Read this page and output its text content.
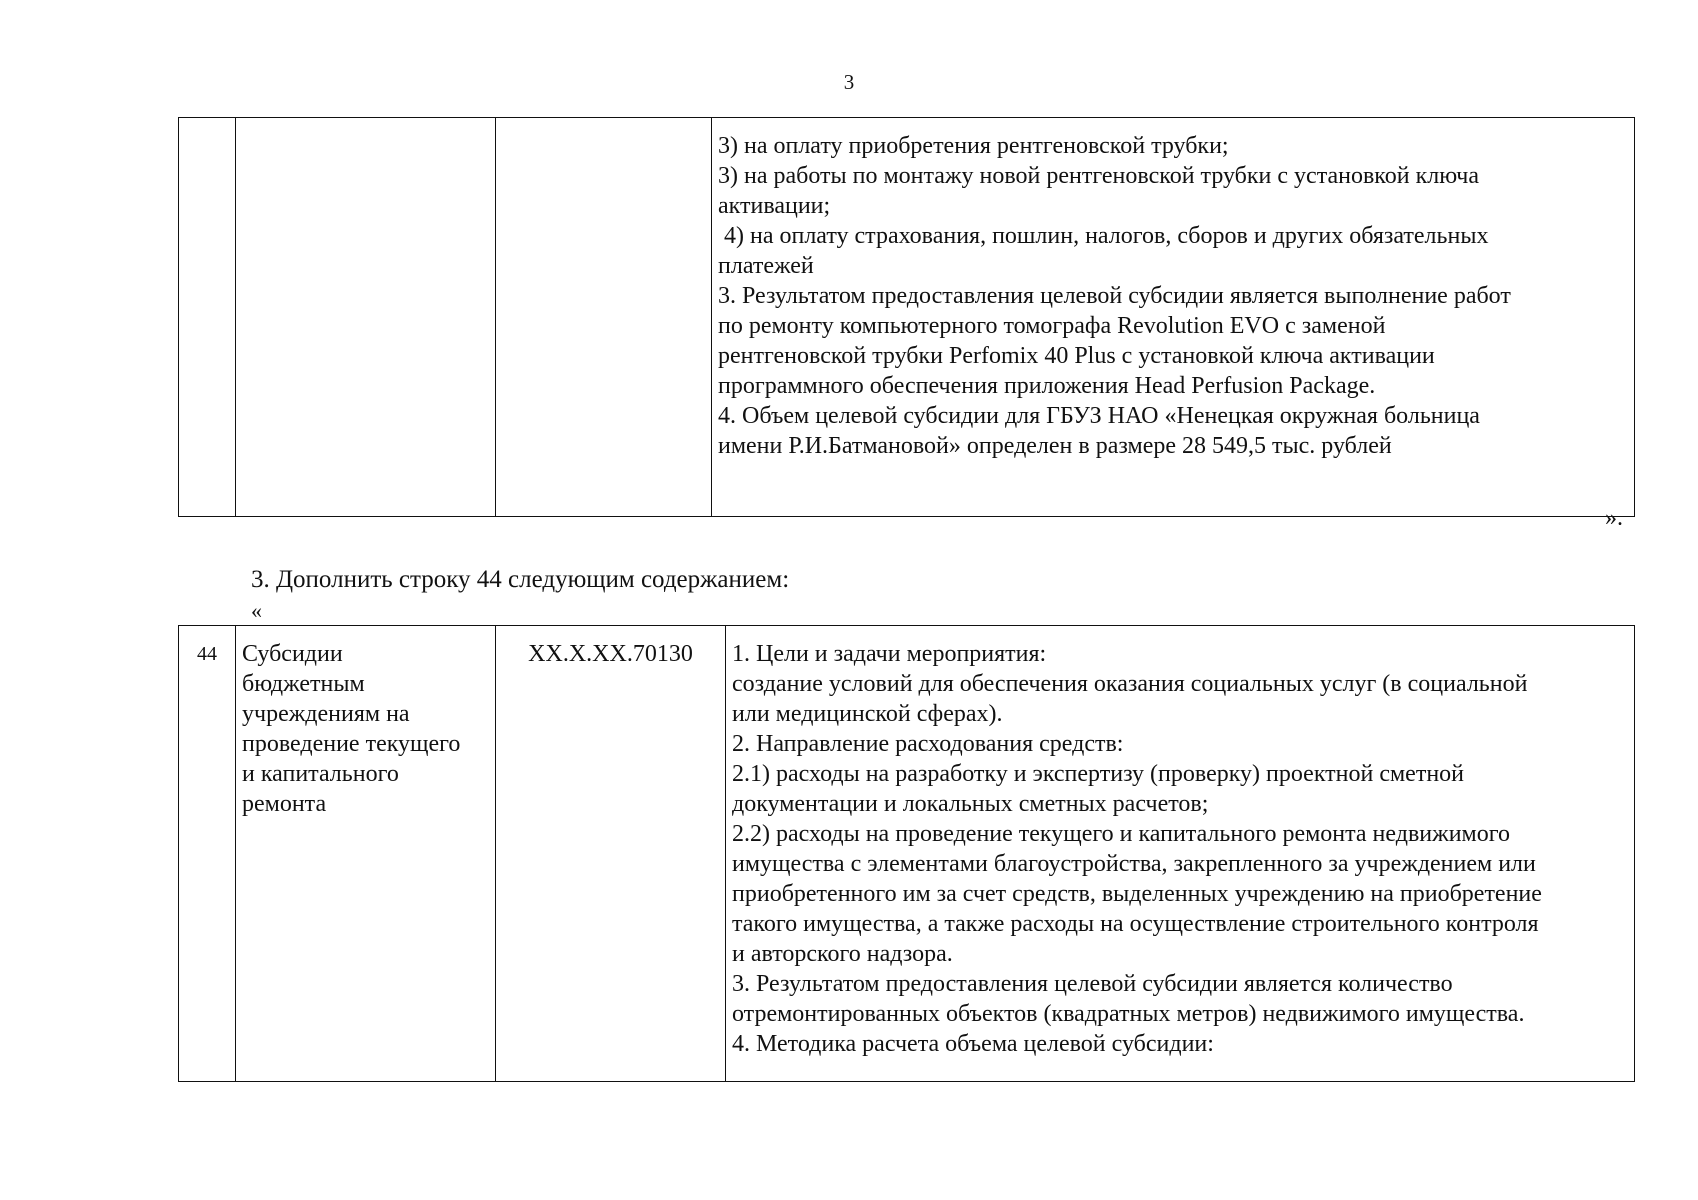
3

3) на оплату приобретения рентгеновской трубки;
3) на работы по монтажу новой рентгеновской трубки с установкой ключа
активации;
4) на оплату страхования, пошлин, налогов, сборов и других обязательных
платежей
3. Результатом предоставления целевой субсидии является выполнение работ
по ремонту компьютерного томографа Revolution EVO с заменой
рентгеновской трубки Perfomix 40 Plus с установкой ключа активации
программного обеспечения приложения Head Perfusion Package.
4. Объем целевой субсидии для ГБУЗ НАО «Ненецкая окружная больница
имени Р.И.Батмановой» определен в размере 28 549,5 тыс. рублей
».
3. Дополнить строку 44 следующим содержанием:
«
44	Субсидии
бюджетным
учреждениям на
проведение текущего
и капитального
ремонта
	XX.X.XX.70130	1. Цели и задачи мероприятия:
создание условий для обеспечения оказания социальных услуг (в социальной
или медицинской сферах).
2. Направление расходования средств:
2.1) расходы на разработку и экспертизу (проверку) проектной сметной
документации и локальных сметных расчетов;
2.2) расходы на проведение текущего и капитального ремонта недвижимого
имущества с элементами благоустройства, закрепленного за учреждением или
приобретенного им за счет средств, выделенных учреждению на приобретение
такого имущества, а также расходы на осуществление строительного контроля
и авторского надзора.
3. Результатом предоставления целевой субсидии является количество
отремонтированных объектов (квадратных метров) недвижимого имущества.
4. Методика расчета объема целевой субсидии:
